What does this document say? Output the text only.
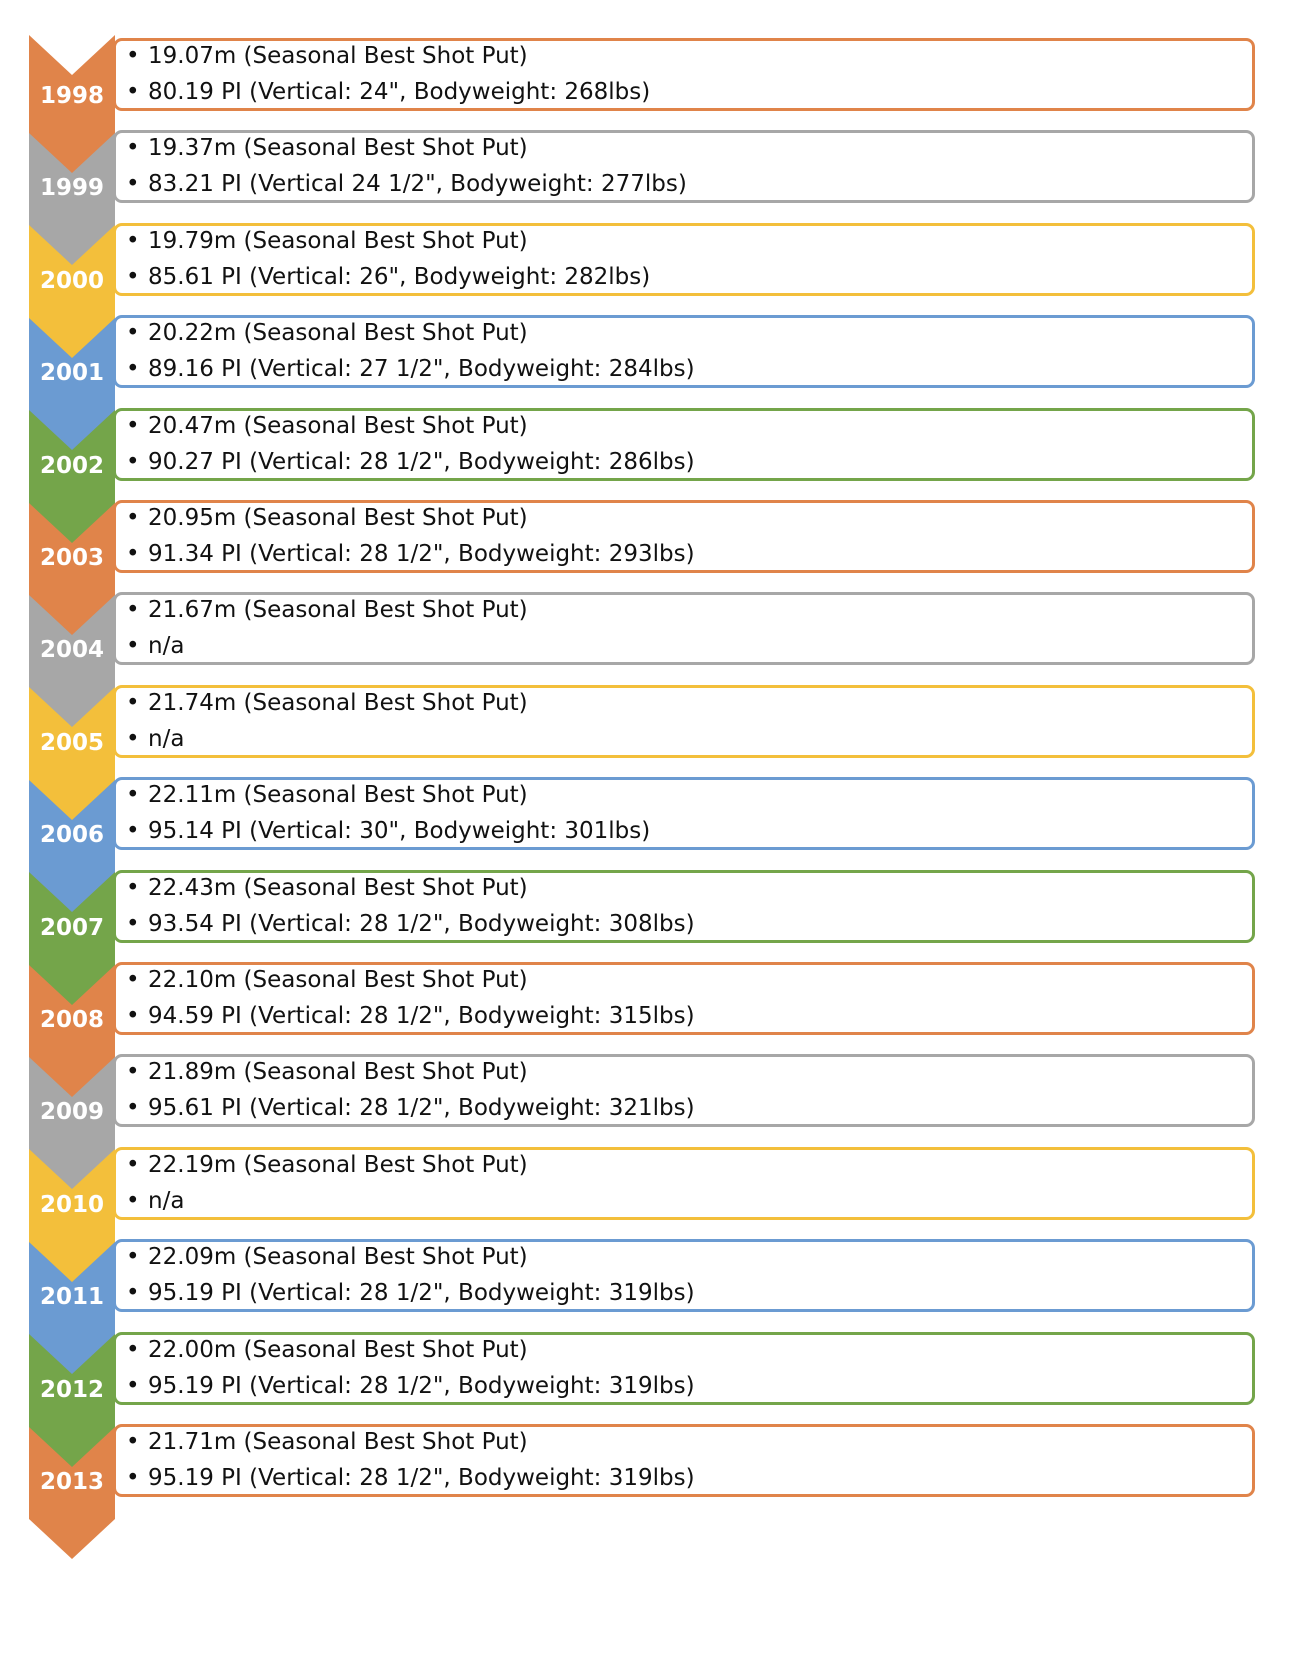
1998
• 19.07m (Seasonal Best Shot Put)
• 80.19 PI (Vertical: 24", Bodyweight: 268lbs)
1999
• 19.37m (Seasonal Best Shot Put)
• 83.21 PI (Vertical 24 1/2", Bodyweight: 277lbs)
2000
• 19.79m (Seasonal Best Shot Put)
• 85.61 PI (Vertical: 26", Bodyweight: 282lbs)
2001
• 20.22m (Seasonal Best Shot Put)
• 89.16 PI (Vertical: 27 1/2", Bodyweight: 284lbs)
2002
• 20.47m (Seasonal Best Shot Put)
• 90.27 PI (Vertical: 28 1/2", Bodyweight: 286lbs)
2003
• 20.95m (Seasonal Best Shot Put)
• 91.34 PI (Vertical: 28 1/2", Bodyweight: 293lbs)
2004
• 21.67m (Seasonal Best Shot Put)
• n/a
2005
• 21.74m (Seasonal Best Shot Put)
• n/a
2006
• 22.11m (Seasonal Best Shot Put)
• 95.14 PI (Vertical: 30", Bodyweight: 301lbs)
2007
• 22.43m (Seasonal Best Shot Put)
• 93.54 PI (Vertical: 28 1/2", Bodyweight: 308lbs)
2008
• 22.10m (Seasonal Best Shot Put)
• 94.59 PI (Vertical: 28 1/2", Bodyweight: 315lbs)
2009
• 21.89m (Seasonal Best Shot Put)
• 95.61 PI (Vertical: 28 1/2", Bodyweight: 321lbs)
2010
• 22.19m (Seasonal Best Shot Put)
• n/a
2011
• 22.09m (Seasonal Best Shot Put)
• 95.19 PI (Vertical: 28 1/2", Bodyweight: 319lbs)
2012
• 22.00m (Seasonal Best Shot Put)
• 95.19 PI (Vertical: 28 1/2", Bodyweight: 319lbs)
2013
• 21.71m (Seasonal Best Shot Put)
• 95.19 PI (Vertical: 28 1/2", Bodyweight: 319lbs)
